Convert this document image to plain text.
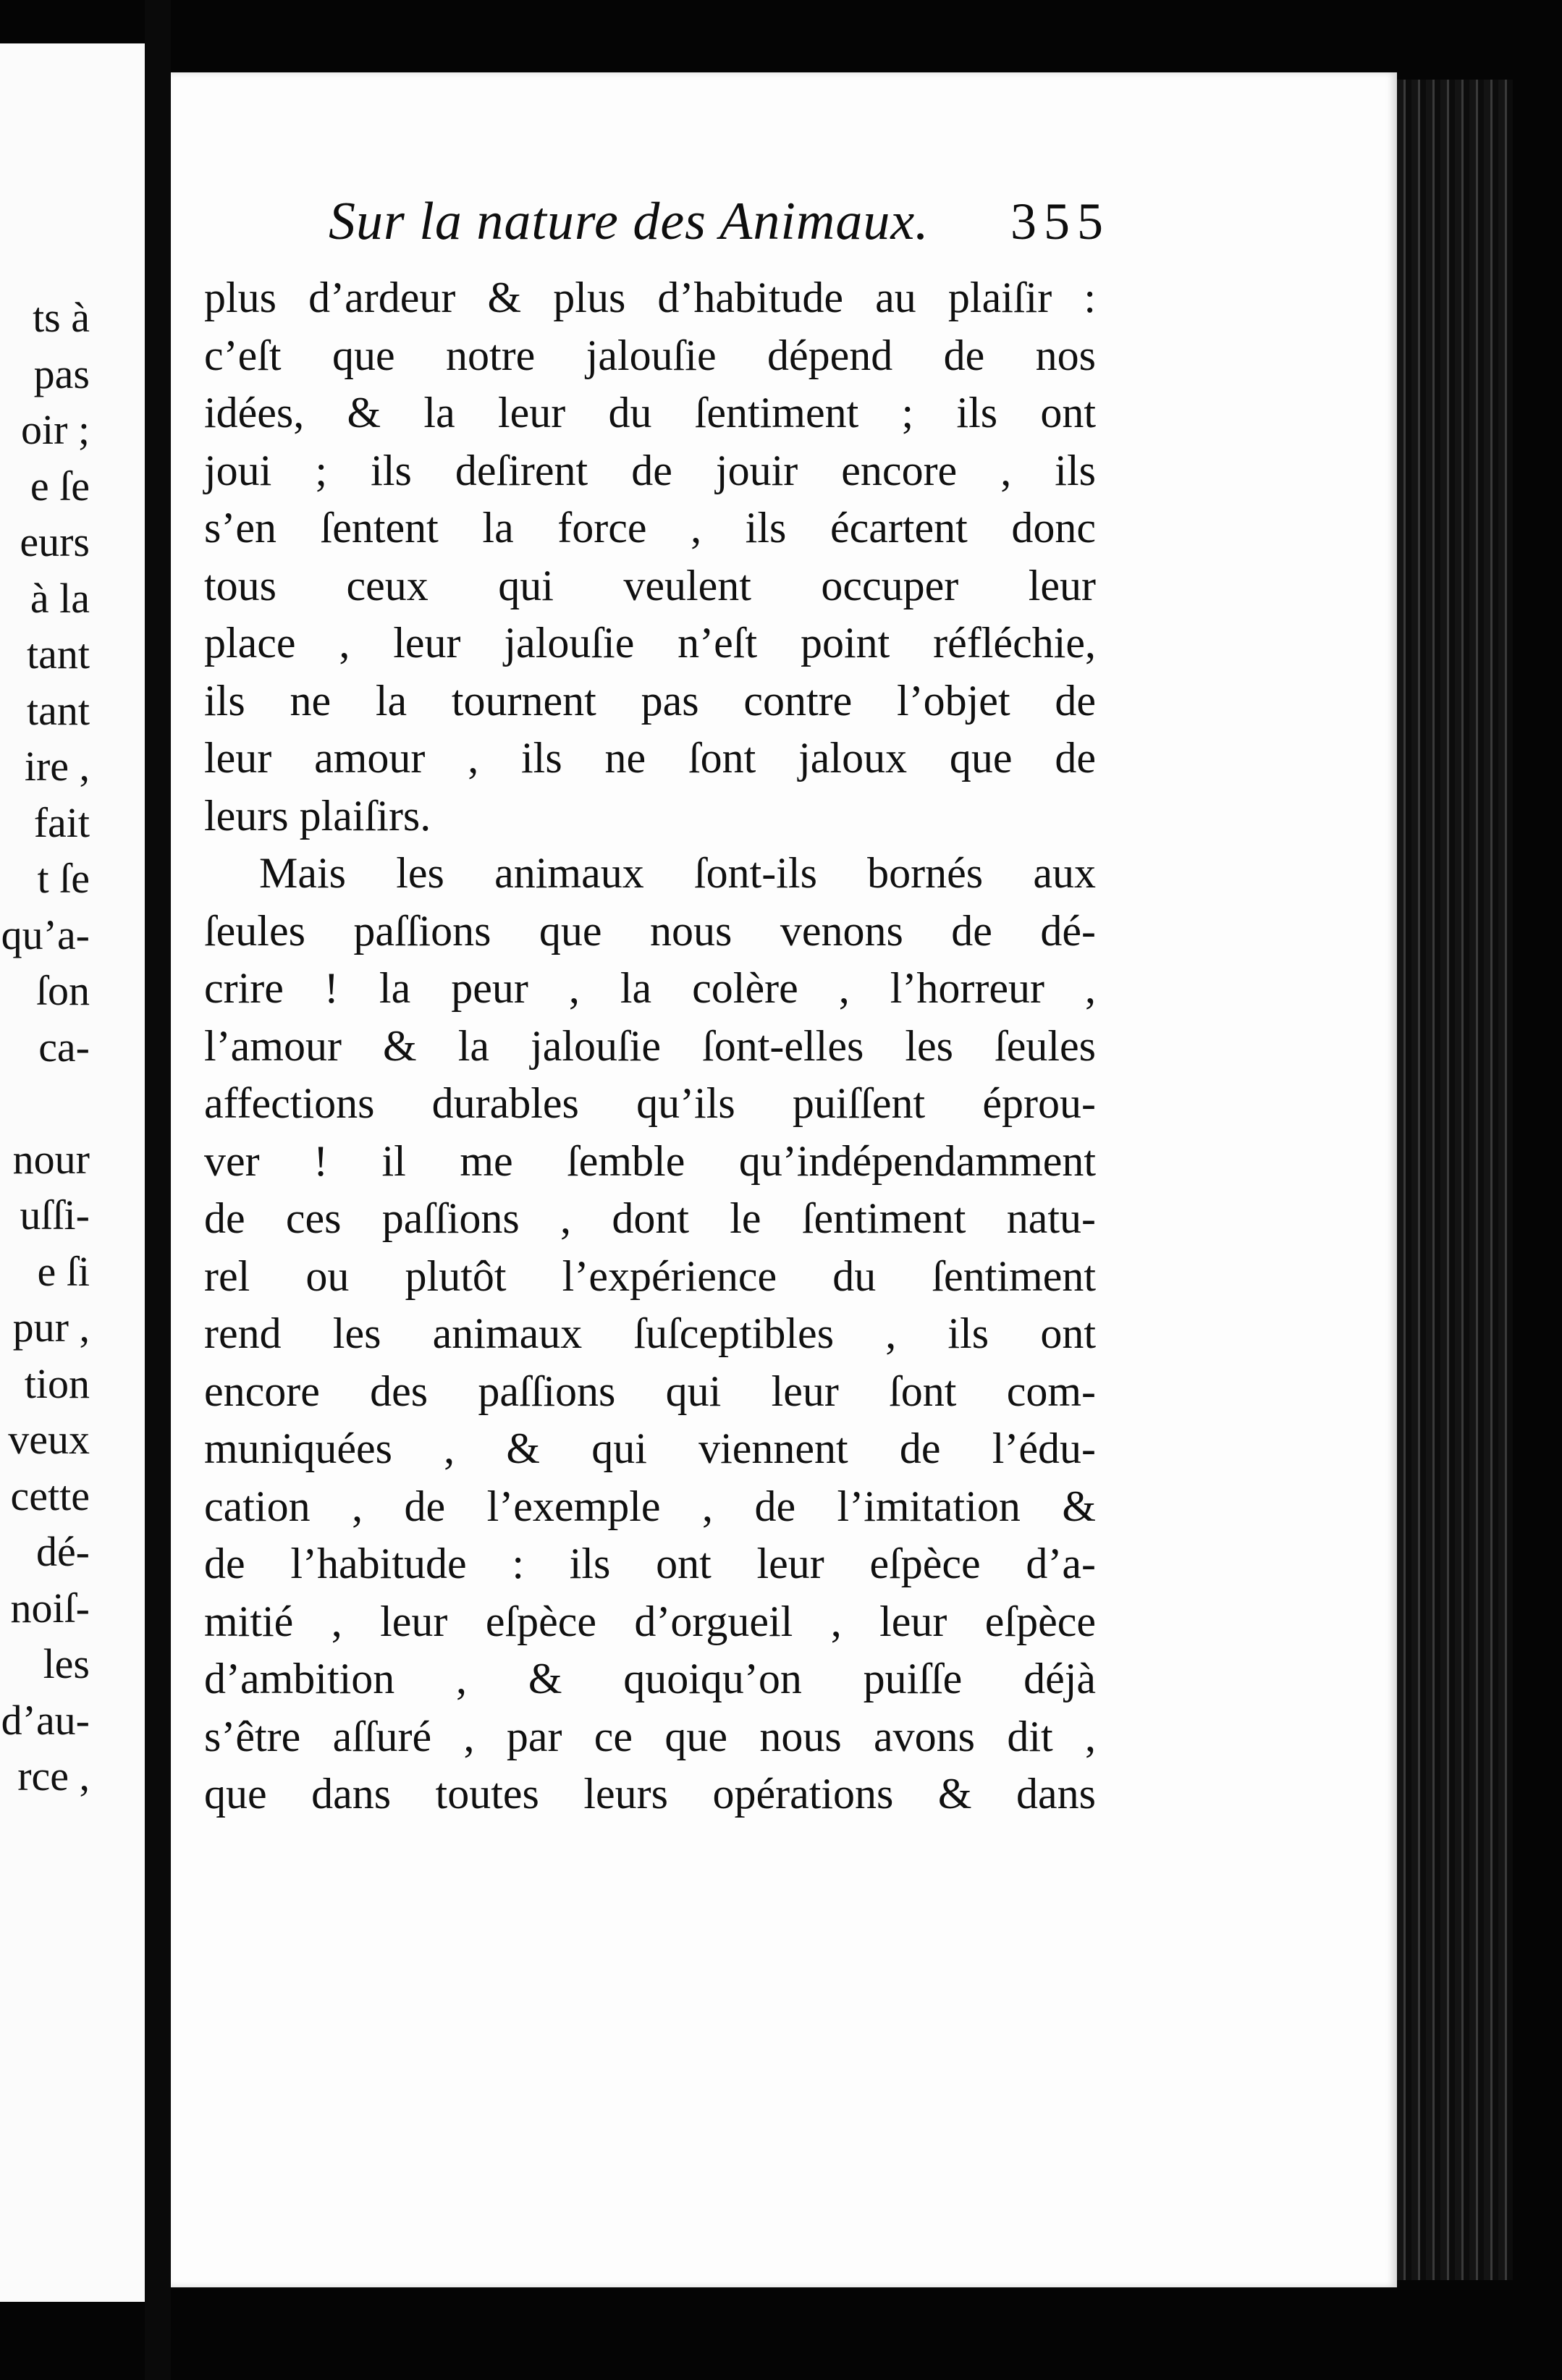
ts à
pas
oir ;
e ſe
eurs
à la
tant
tant
ire ,
fait
t ſe
qu’a-
ſon
ca-
nour
uſſi-
e ſi
pur ,
tion
veux
cette
dé-
noiſ-
les
d’au-
rce ,
Sur la nature des Animaux. 355
plus d’ardeur & plus d’habitude au plaiſir :
c’eſt que notre jalouſie dépend de nos
idées, & la leur du ſentiment ; ils ont
joui ; ils deſirent de jouir encore , ils
s’en ſentent la force , ils écartent donc
tous ceux qui veulent occuper leur
place , leur jalouſie n’eſt point réfléchie,
ils ne la tournent pas contre l’objet de
leur amour , ils ne ſont jaloux que de
leurs plaiſirs.
Mais les animaux ſont-ils bornés aux
ſeules paſſions que nous venons de dé-
crire ! la peur , la colère , l’horreur ,
l’amour & la jalouſie ſont-elles les ſeules
affections durables qu’ils puiſſent éprou-
ver ! il me ſemble qu’indépendamment
de ces paſſions , dont le ſentiment natu-
rel ou plutôt l’expérience du ſentiment
rend les animaux ſuſceptibles , ils ont
encore des paſſions qui leur ſont com-
muniquées , & qui viennent de l’édu-
cation , de l’exemple , de l’imitation &
de l’habitude : ils ont leur eſpèce d’a-
mitié , leur eſpèce d’orgueil , leur eſpèce
d’ambition , & quoiqu’on puiſſe déjà
s’être aſſuré , par ce que nous avons dit ,
que dans toutes leurs opérations & dans
